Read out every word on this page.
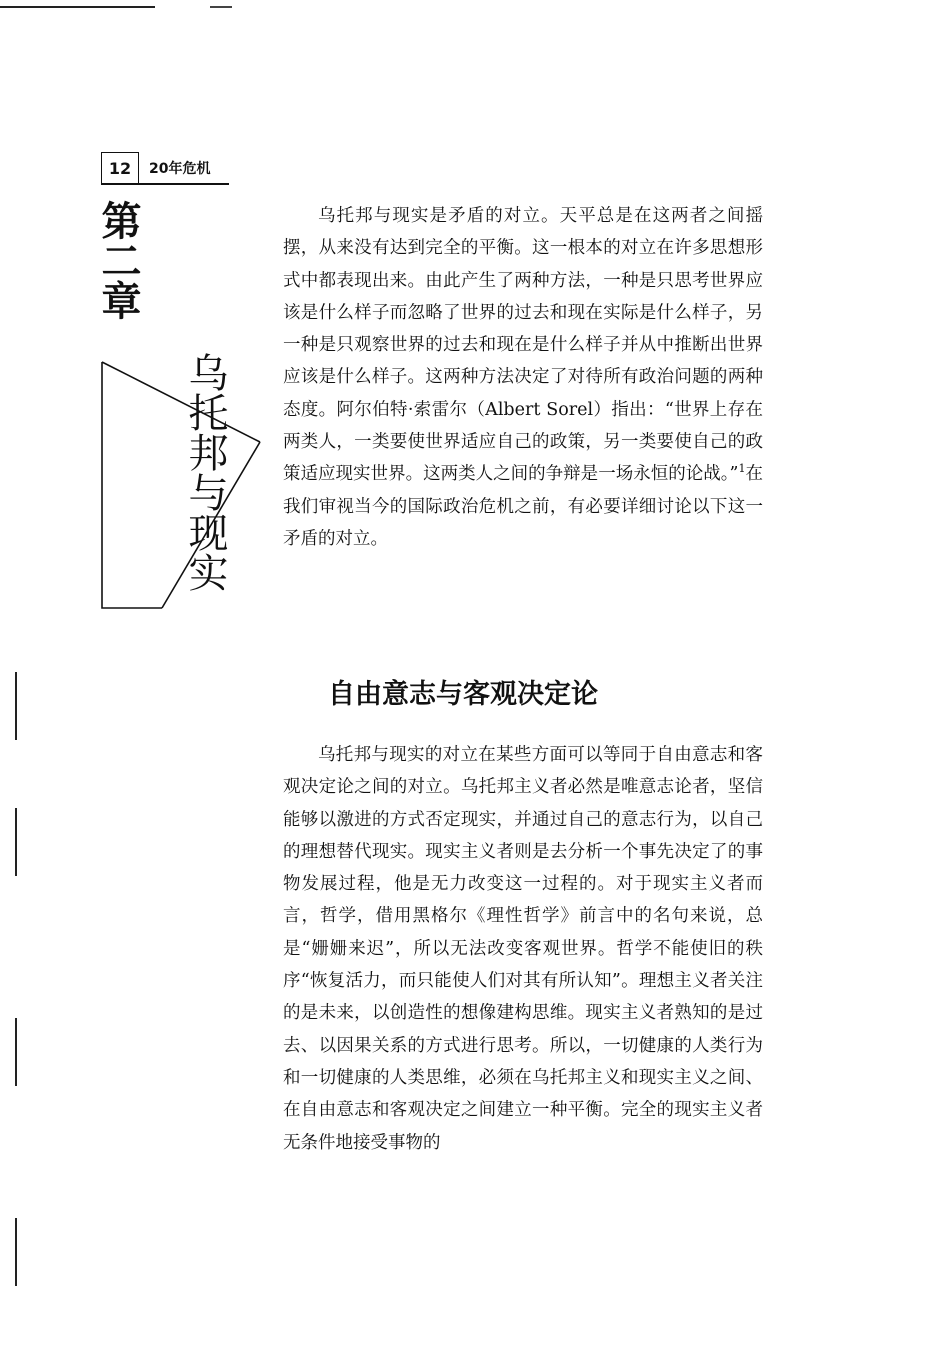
12	20年危机
第二章
乌托邦与现实

乌托邦与现实是矛盾的对立。天平总是在这两者之间摇摆，从来没有达到完全的平衡。这一根本的对立在许多思想形式中都表现出来。由此产生了两种方法，一种是只思考世界应该是什么样子而忽略了世界的过去和现在实际是什么样子，另一种是只观察世界的过去和现在是什么样子并从中推断出世界应该是什么样子。这两种方法决定了对待所有政治问题的两种态度。阿尔伯特·索雷尔（Albert Sorel）指出：“世界上存在两类人，一类要使世界适应自己的政策，另一类要使自己的政策适应现实世界。这两类人之间的争辩是一场永恒的论战。”$^1$在我们审视当今的国际政治危机之前，有必要详细讨论以下这一矛盾的对立。

自由意志与客观决定论

乌托邦与现实的对立在某些方面可以等同于自由意志和客观决定论之间的对立。乌托邦主义者必然是唯意志论者，坚信能够以激进的方式否定现实，并通过自己的意志行为，以自己的理想替代现实。现实主义者则是去分析一个事先决定了的事物发展过程，他是无力改变这一过程的。对于现实主义者而言，哲学，借用黑格尔《理性哲学》前言中的名句来说，总是“姗姗来迟”，所以无法改变客观世界。哲学不能使旧的秩序“恢复活力，而只能使人们对其有所认知”。理想主义者关注的是未来，以创造性的想像建构思维。现实主义者熟知的是过去、以因果关系的方式进行思考。所以，一切健康的人类行为和一切健康的人类思维，必须在乌托邦主义和现实主义之间、在自由意志和客观决定之间建立一种平衡。完全的现实主义者无条件地接受事物的
